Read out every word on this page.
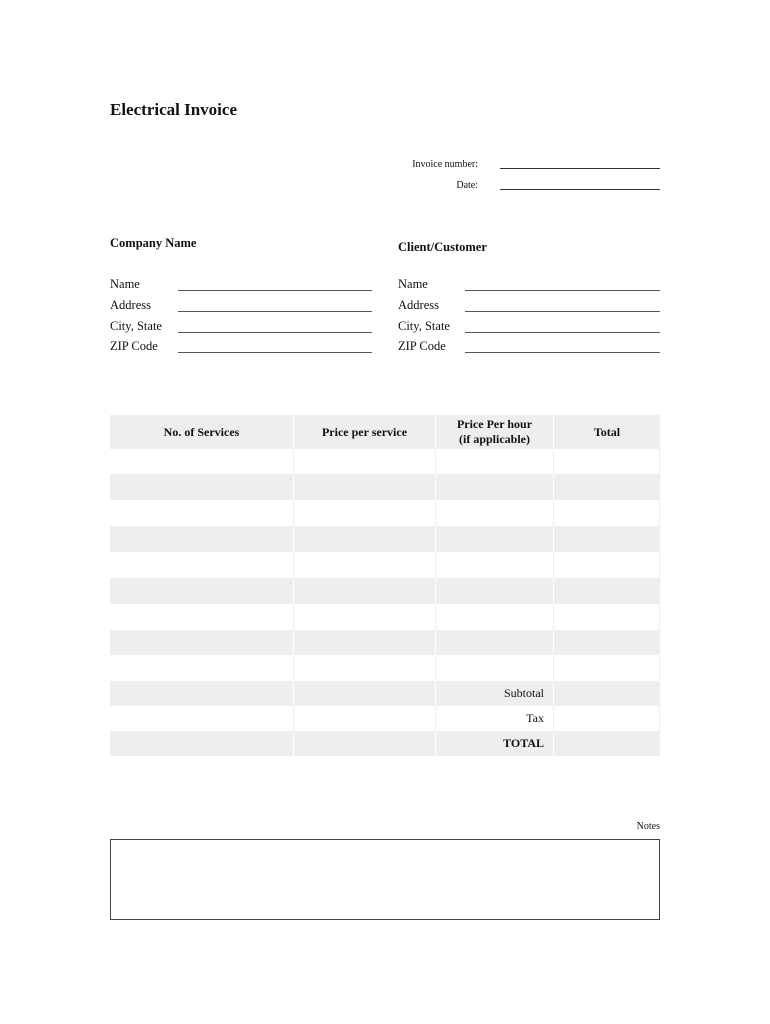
Electrical Invoice
Invoice number:
Date:
Company Name
Name
Address
City, State
ZIP Code
Client/Customer
Name
Address
City, State
ZIP Code
No. of Services	Price per service
Price Per hour
(if applicable)
Total
Subtotal
Tax
TOTAL
Notes
